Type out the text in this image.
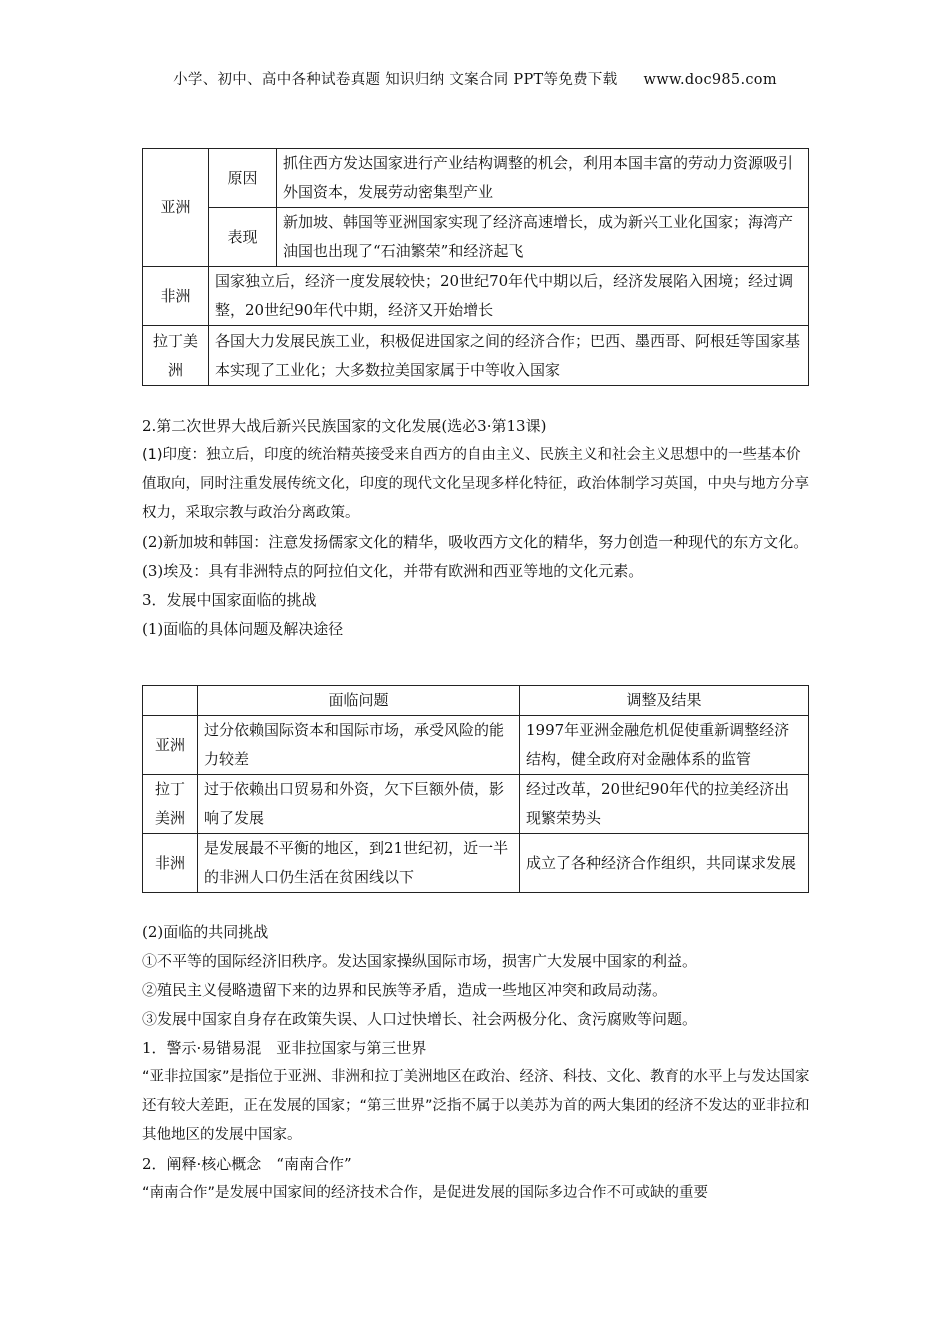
小学、初中、高中各种试卷真题 知识归纳 文案合同 PPT等免费下载 www.doc985.com
亚洲	原因	抓住西方发达国家进行产业结构调整的机会，利用本国丰富的劳动力资源吸引外国资本，发展劳动密集型产业
	表现	新加坡、韩国等亚洲国家实现了经济高速增长，成为新兴工业化国家；海湾产油国也出现了“石油繁荣”和经济起飞
非洲	国家独立后，经济一度发展较快；20世纪70年代中期以后，经济发展陷入困境；经过调整，20世纪90年代中期，经济又开始增长	
拉丁美洲	各国大力发展民族工业，积极促进国家之间的经济合作；巴西、墨西哥、阿根廷等国家基本实现了工业化；大多数拉美国家属于中等收入国家	

2.第二次世界大战后新兴民族国家的文化发展(选必3·第13课)

(1)印度：独立后，印度的统治精英接受来自西方的自由主义、民族主义和社会主义思想中的一些基本价值取向，同时注重发展传统文化，印度的现代文化呈现多样化特征，政治体制学习英国，中央与地方分享权力，采取宗教与政治分离政策。

(2)新加坡和韩国：注意发扬儒家文化的精华，吸收西方文化的精华，努力创造一种现代的东方文化。

(3)埃及：具有非洲特点的阿拉伯文化，并带有欧洲和西亚等地的文化元素。

3．发展中国家面临的挑战

(1)面临的具体问题及解决途径

	面临问题	调整及结果
亚洲	过分依赖国际资本和国际市场，承受风险的能力较差	1997年亚洲金融危机促使重新调整经济结构，健全政府对金融体系的监管
拉丁美洲	过于依赖出口贸易和外资，欠下巨额外债，影响了发展	经过改革，20世纪90年代的拉美经济出现繁荣势头
非洲	是发展最不平衡的地区，到21世纪初，近一半的非洲人口仍生活在贫困线以下	成立了各种经济合作组织，共同谋求发展

(2)面临的共同挑战

①不平等的国际经济旧秩序。发达国家操纵国际市场，损害广大发展中国家的利益。

②殖民主义侵略遗留下来的边界和民族等矛盾，造成一些地区冲突和政局动荡。

③发展中国家自身存在政策失误、人口过快增长、社会两极分化、贪污腐败等问题。

1．警示·易错易混　亚非拉国家与第三世界

“亚非拉国家”是指位于亚洲、非洲和拉丁美洲地区在政治、经济、科技、文化、教育的水平上与发达国家还有较大差距，正在发展的国家；“第三世界”泛指不属于以美苏为首的两大集团的经济不发达的亚非拉和其他地区的发展中国家。

2．阐释·核心概念　“南南合作”

“南南合作”是发展中国家间的经济技术合作，是促进发展的国际多边合作不可或缺的重要
